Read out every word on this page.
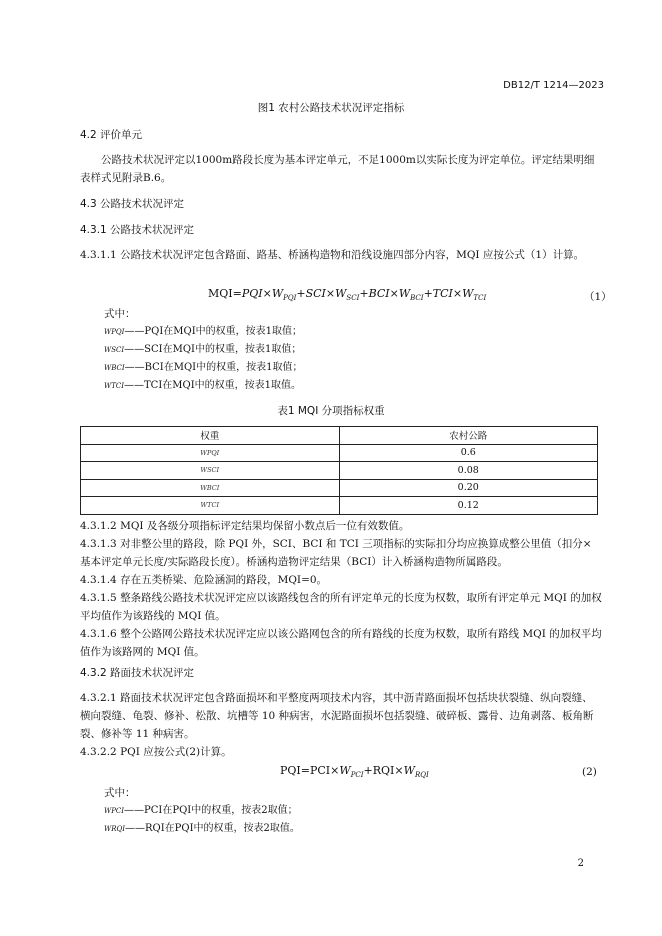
DB12/T 1214—2023
图1 农村公路技术状况评定指标
4.2 评价单元
公路技术状况评定以1000m路段长度为基本评定单元，不足1000m以实际长度为评定单位。评定结果明细表样式见附录B.6。
4.3 公路技术状况评定
4.3.1 公路技术状况评定
4.3.1.1 公路技术状况评定包含路面、路基、桥涵构造物和沿线设施四部分内容，MQI 应按公式（1）计算。
$MQI=PQI\times W_{PQI}+SCI\times W_{SCI}+BCI\times W_{BCI}+TCI\times W_{TCI}$	（1）
式中：
WPQI——PQI在MQI中的权重，按表1取值；
WSCI——SCI在MQI中的权重，按表1取值；
WBCI——BCI在MQI中的权重，按表1取值；
WTCI——TCI在MQI中的权重，按表1取值。
表1 MQI 分项指标权重
权重	农村公路
WPQI	0.6
WSCI	0.08
WBCI	0.20
WTCI	0.12
4.3.1.2 MQI 及各级分项指标评定结果均保留小数点后一位有效数值。
4.3.1.3 对非整公里的路段，除 PQI 外，SCI、BCI 和 TCI 三项指标的实际扣分均应换算成整公里值（扣分×基本评定单元长度/实际路段长度）。桥涵构造物评定结果（BCI）计入桥涵构造物所属路段。
4.3.1.4 存在五类桥梁、危险涵洞的路段，MQI=0。
4.3.1.5 整条路线公路技术状况评定应以该路线包含的所有评定单元的长度为权数，取所有评定单元 MQI 的加权平均值作为该路线的 MQI 值。
4.3.1.6 整个公路网公路技术状况评定应以该公路网包含的所有路线的长度为权数，取所有路线 MQI 的加权平均值作为该路网的 MQI 值。
4.3.2 路面技术状况评定
4.3.2.1 路面技术状况评定包含路面损坏和平整度两项技术内容，其中沥青路面损坏包括块状裂缝、纵向裂缝、横向裂缝、龟裂、修补、松散、坑槽等 10 种病害，水泥路面损坏包括裂缝、破碎板、露骨、边角剥落、板角断裂、修补等 11 种病害。
4.3.2.2 PQI 应按公式(2)计算。
$PQI=PCI\times W_{PCI}+RQI\times W_{RQI}$	(2)
式中：
WPCI——PCI在PQI中的权重，按表2取值；
WRQI——RQI在PQI中的权重，按表2取值。
2
